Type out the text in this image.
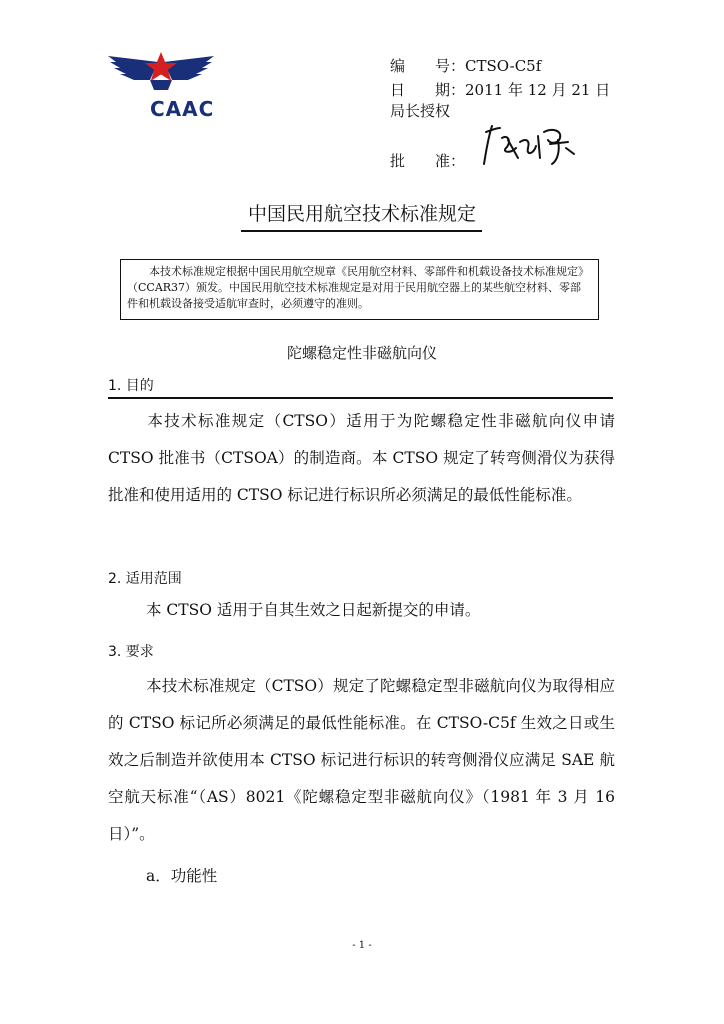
CAAC
编　　号：CTSO-C5f
日　　期：2011 年 12 月 21 日
局长授权
批　　准：
中国民用航空技术标准规定
本技术标准规定根据中国民用航空规章《民用航空材料、零部件和机载设备技术标准规定》（CCAR37）颁发。中国民用航空技术标准规定是对用于民用航空器上的某些航空材料、零部件和机载设备接受适航审查时，必须遵守的准则。
陀螺稳定性非磁航向仪
1. 目的
本技术标准规定（CTSO）适用于为陀螺稳定性非磁航向仪申请CTSO 批准书（CTSOA）的制造商。本 CTSO 规定了转弯侧滑仪为获得批准和使用适用的 CTSO 标记进行标识所必须满足的最低性能标准。
2. 适用范围
本 CTSO 适用于自其生效之日起新提交的申请。
3. 要求
本技术标准规定（CTSO）规定了陀螺稳定型非磁航向仪为取得相应的 CTSO 标记所必须满足的最低性能标准。在 CTSO-C5f 生效之日或生效之后制造并欲使用本 CTSO 标记进行标识的转弯侧滑仪应满足 SAE 航空航天标准“（AS）8021《陀螺稳定型非磁航向仪》（1981 年 3 月 16 日）”。
a．功能性
- 1 -
